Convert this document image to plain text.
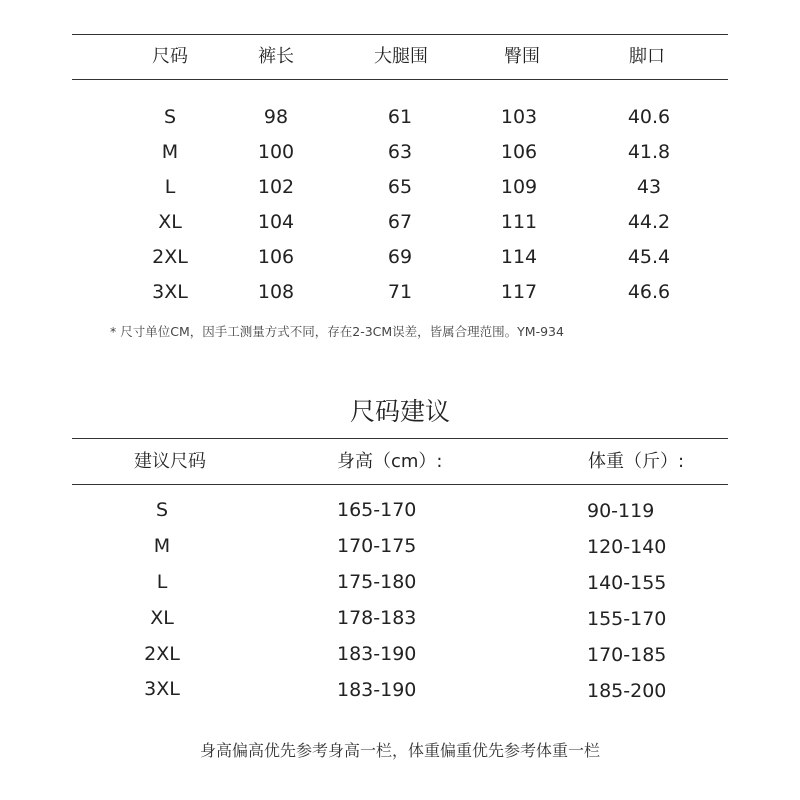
尺码	裤长	大腿围	臀围	脚口
S	98	61	103	40.6
M	100	63	106	41.8
L	102	65	109	43
XL	104	67	111	44.2
2XL	106	69	114	45.4
3XL	108	71	117	46.6
* 尺寸单位CM，因手工测量方式不同，存在2-3CM误差，皆属合理范围。YM-934
尺码建议
建议尺码	身高（cm）:	体重（斤）:
S	165-170	90-119
M	170-175	120-140
L	175-180	140-155
XL	178-183	155-170
2XL	183-190	170-185
3XL	183-190	185-200
身高偏高优先参考身高一栏，体重偏重优先参考体重一栏
